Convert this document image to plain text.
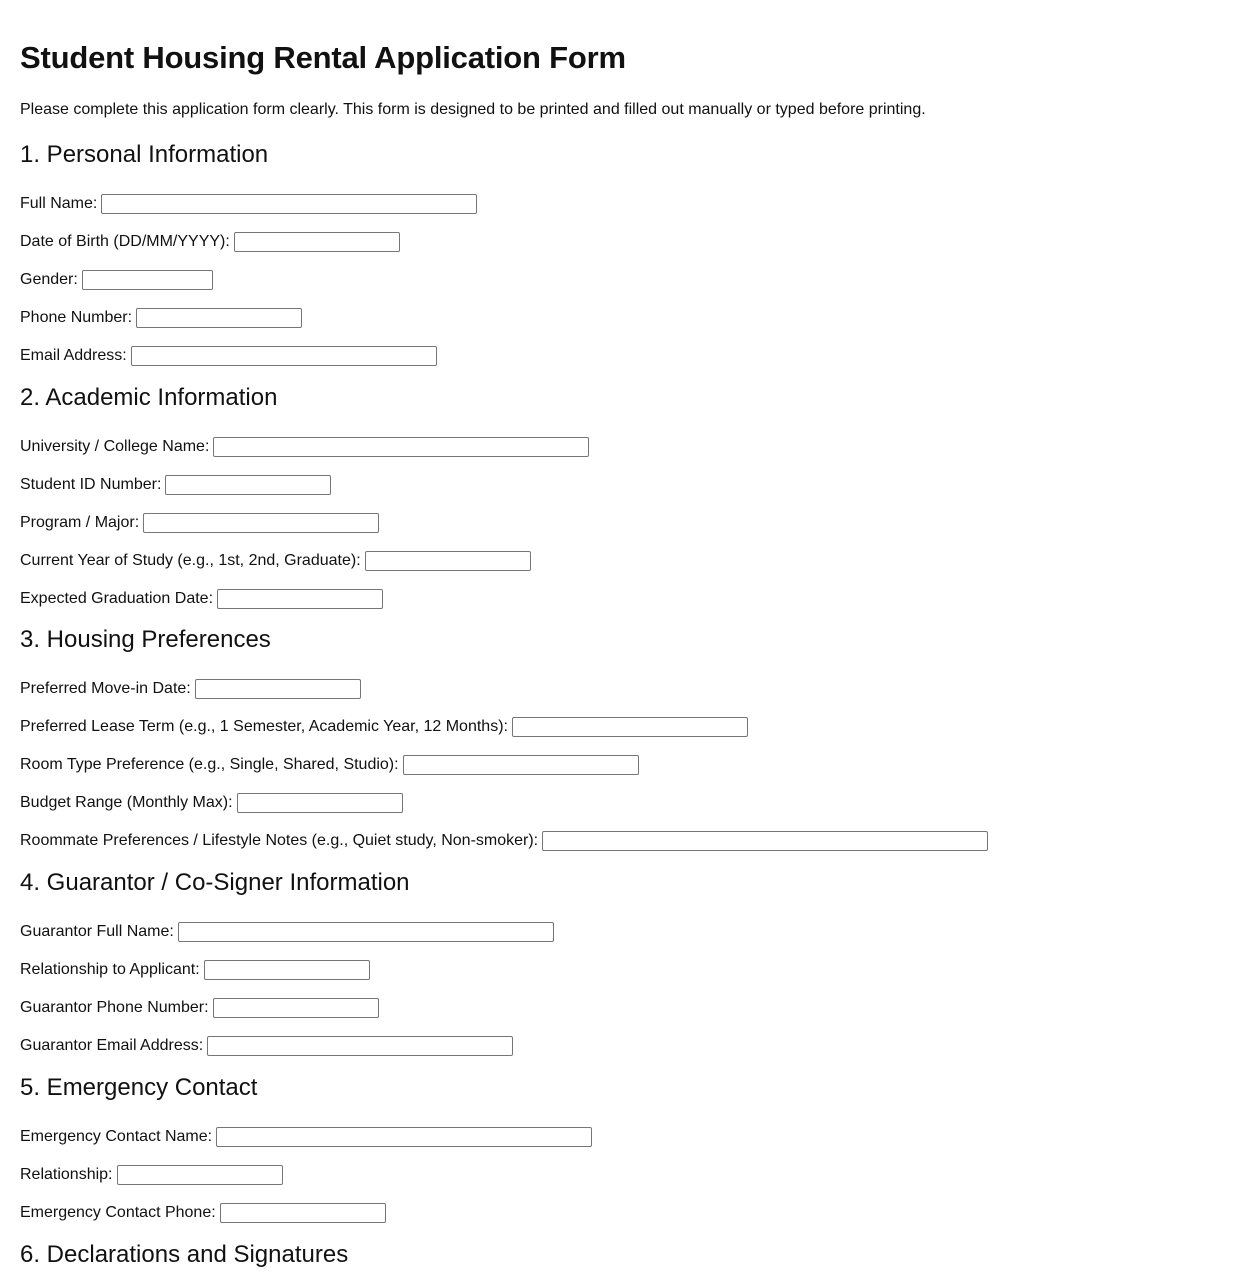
Student Housing Rental Application Form
Please complete this application form clearly. This form is designed to be printed and filled out manually or typed before printing.
1. Personal Information
Full Name:
Date of Birth (DD/MM/YYYY):
Gender:
Phone Number:
Email Address:
2. Academic Information
University / College Name:
Student ID Number:
Program / Major:
Current Year of Study (e.g., 1st, 2nd, Graduate):
Expected Graduation Date:
3. Housing Preferences
Preferred Move-in Date:
Preferred Lease Term (e.g., 1 Semester, Academic Year, 12 Months):
Room Type Preference (e.g., Single, Shared, Studio):
Budget Range (Monthly Max):
Roommate Preferences / Lifestyle Notes (e.g., Quiet study, Non-smoker):
4. Guarantor / Co-Signer Information
Guarantor Full Name:
Relationship to Applicant:
Guarantor Phone Number:
Guarantor Email Address:
5. Emergency Contact
Emergency Contact Name:
Relationship:
Emergency Contact Phone:
6. Declarations and Signatures
